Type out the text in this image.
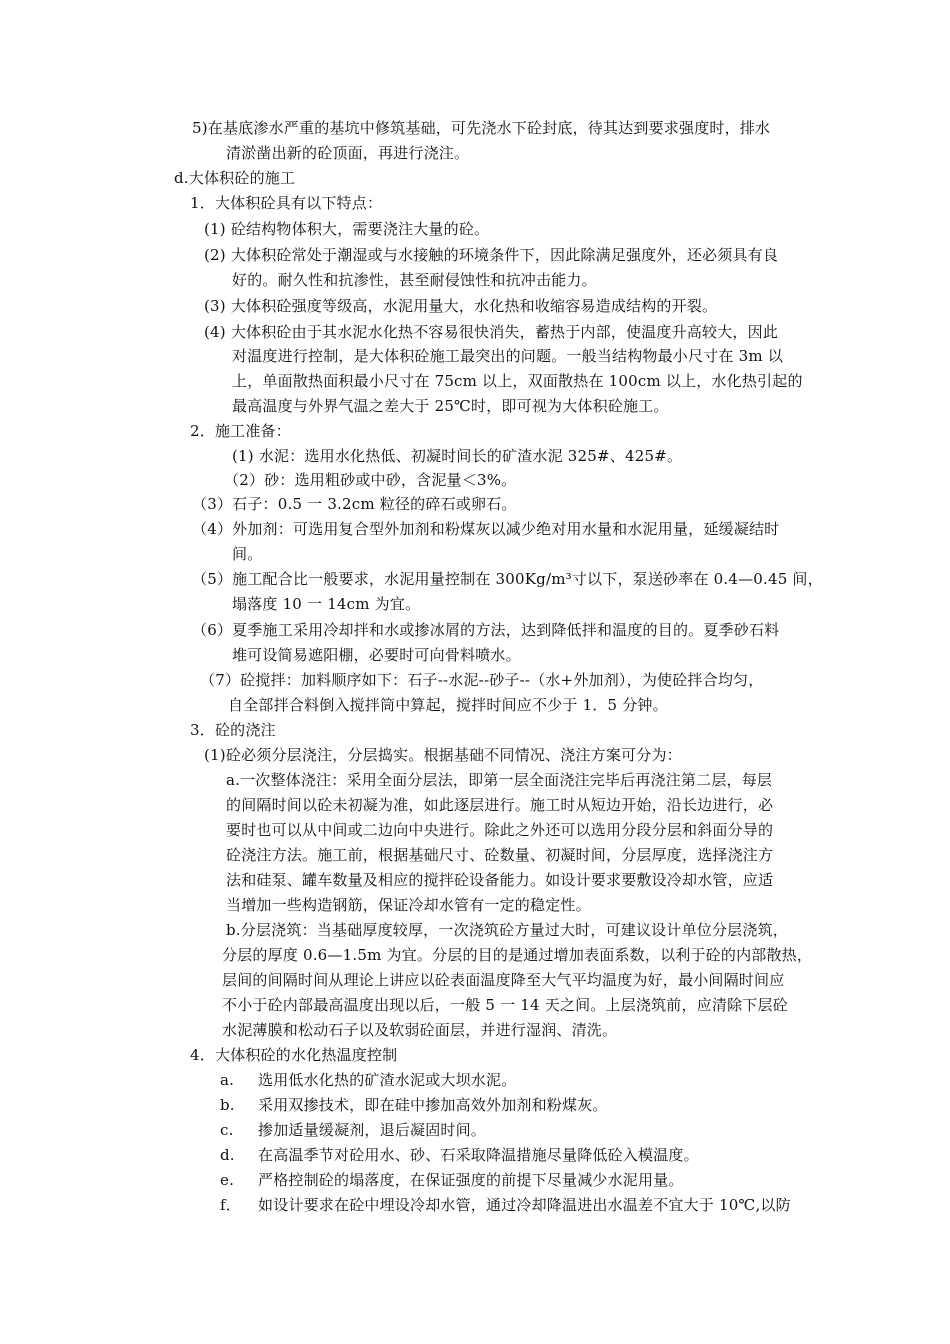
5)在基底渗水严重的基坑中修筑基础，可先浇水下砼封底，待其达到要求强度时，排水
清淤凿出新的砼顶面，再进行浇注。
d.大体积砼的施工
1．大体积砼具有以下特点：
(1) 砼结构物体积大，需要浇注大量的砼。
(2) 大体积砼常处于潮湿或与水接触的环境条件下，因此除满足强度外，还必须具有良
好的。耐久性和抗渗性，甚至耐侵蚀性和抗冲击能力。
(3) 大体积砼强度等级高，水泥用量大，水化热和收缩容易造成结构的开裂。
(4) 大体积砼由于其水泥水化热不容易很快消失，蓄热于内部，使温度升高较大，因此
对温度进行控制，是大体积砼施工最突出的问题。一般当结构物最小尺寸在 3m 以
上，单面散热面积最小尺寸在 75cm 以上，双面散热在 100cm 以上，水化热引起的
最高温度与外界气温之差大于 25℃时，即可视为大体积砼施工。
2．施工准备：
(1) 水泥：选用水化热低、初凝时间长的矿渣水泥 325#、425#。
（2）砂：选用粗砂或中砂，含泥量＜3%。
（3）石子：0.5 一 3.2cm 粒径的碎石或卵石。
（4）外加剂：可选用复合型外加剂和粉煤灰以减少绝对用水量和水泥用量，延缓凝结时
间。
（5）施工配合比一般要求，水泥用量控制在 300Kg/m³寸以下，泵送砂率在 0.4—0.45 间，
塌落度 10 一 14cm 为宜。
（6）夏季施工采用冷却拌和水或掺冰屑的方法，达到降低拌和温度的目的。夏季砂石料
堆可设简易遮阳棚，必要时可向骨料喷水。
（7）砼搅拌：加料顺序如下：石子--水泥--砂子--（水+外加剂），为使砼拌合均匀，
自全部拌合料倒入搅拌筒中算起，搅拌时间应不少于 1．5 分钟。
3．砼的浇注
(1)砼必须分层浇注，分层捣实。根据基础不同情况、浇注方案可分为：
a.一次整体浇注：采用全面分层法，即第一层全面浇注完毕后再浇注第二层，每层
的间隔时间以砼未初凝为准，如此逐层进行。施工时从短边开始，沿长边进行，必
要时也可以从中间或二边向中央进行。除此之外还可以选用分段分层和斜面分导的
砼浇注方法。施工前，根据基础尺寸、砼数量、初凝时间，分层厚度，选择浇注方
法和硅泵、罐车数量及相应的搅拌砼设备能力。如设计要求要敷设冷却水管，应适
当增加一些构造钢筋，保证冷却水管有一定的稳定性。
b.分层浇筑：当基础厚度较厚，一次浇筑砼方量过大时，可建议设计单位分层浇筑，
分层的厚度 0.6—1.5m 为宜。分层的目的是通过增加表面系数，以利于砼的内部散热，
层间的间隔时间从理论上讲应以砼表面温度降至大气平均温度为好，最小间隔时间应
不小于砼内部最高温度出现以后，一般 5 一 14 天之间。上层浇筑前，应清除下层砼
水泥薄膜和松动石子以及软弱砼面层，并进行湿润、清洗。
4．大体积砼的水化热温度控制
a. 选用低水化热的矿渣水泥或大坝水泥。
b. 采用双掺技术，即在硅中掺加高效外加剂和粉煤灰。
c. 掺加适量缓凝剂，退后凝固时间。
d. 在高温季节对砼用水、砂、石采取降温措施尽量降低砼入模温度。
e. 严格控制砼的塌落度，在保证强度的前提下尽量减少水泥用量。
f． 如设计要求在砼中埋设冷却水管，通过冷却降温进出水温差不宜大于 10℃,以防
